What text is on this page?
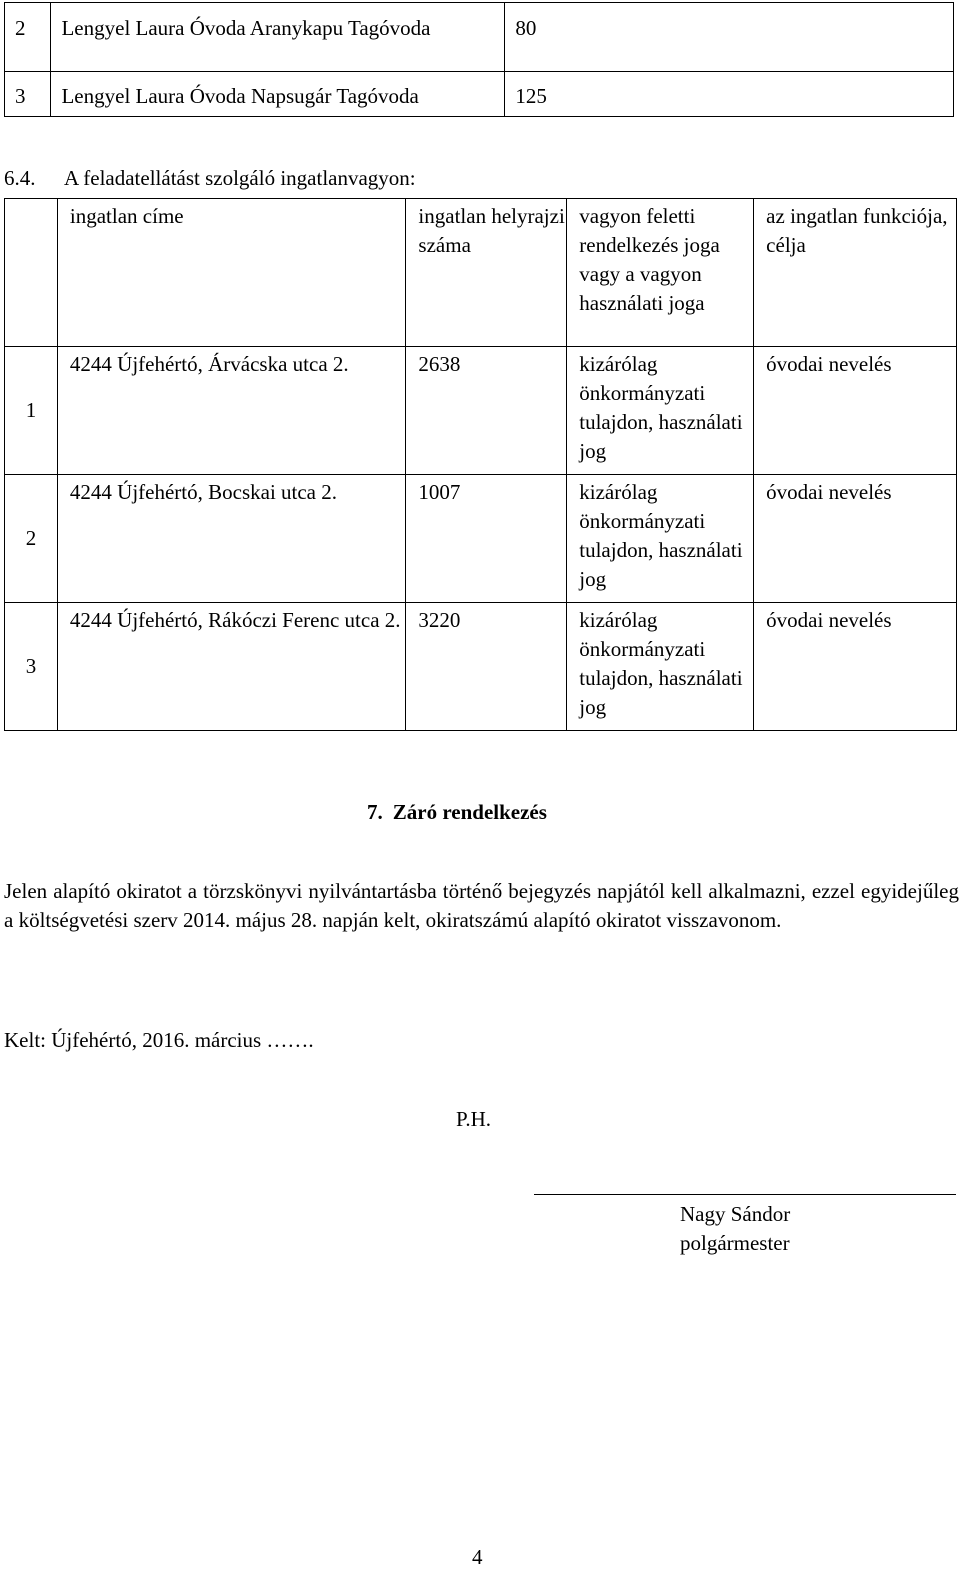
2	Lengyel Laura Óvoda Aranykapu Tagóvoda	80
3	Lengyel Laura Óvoda Napsugár Tagóvoda	125
6.4. A feladatellátást szolgáló ingatlanvagyon:
	ingatlan címe	ingatlan helyrajzi száma	vagyon feletti rendelkezés joga vagy a vagyon használati joga	az ingatlan funkciója, célja
1	4244 Újfehértó, Árvácska utca 2.	2638	kizárólag önkormányzati tulajdon, használati jog	óvodai nevelés
2	4244 Újfehértó, Bocskai utca 2.	1007	kizárólag önkormányzati tulajdon, használati jog	óvodai nevelés
3	4244 Újfehértó, Rákóczi Ferenc utca 2.	3220	kizárólag önkormányzati tulajdon, használati jog	óvodai nevelés
7. Záró rendelkezés
Jelen alapító okiratot a törzskönyvi nyilvántartásba történő bejegyzés napjától kell alkalmazni, ezzel egyidejűleg a költségvetési szerv 2014. május 28. napján kelt, okiratszámú alapító okiratot visszavonom.
Kelt: Újfehértó, 2016. március …….
P.H.
Nagy Sándor
polgármester
4
